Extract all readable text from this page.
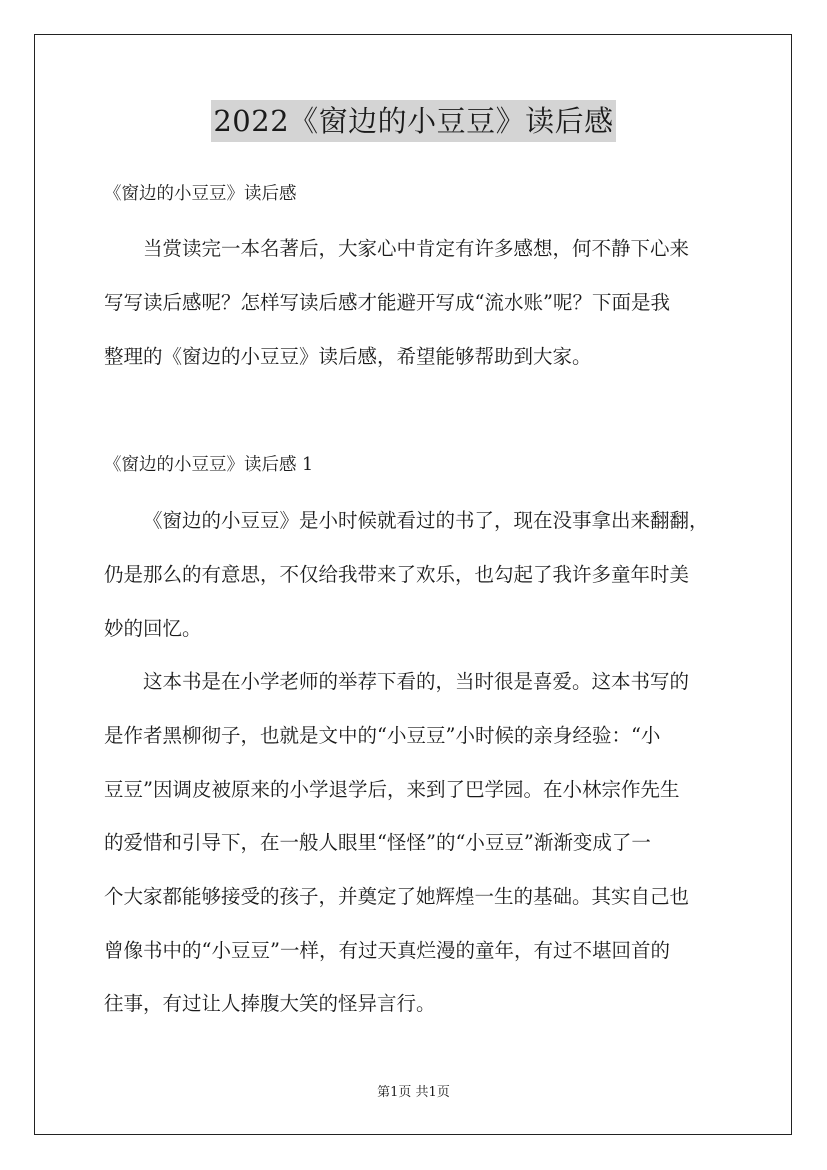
2022《窗边的小豆豆》读后感
《窗边的小豆豆》读后感
当赏读完一本名著后，大家心中肯定有许多感想，何不静下心来
写写读后感呢？怎样写读后感才能避开写成“流水账”呢？下面是我
整理的《窗边的小豆豆》读后感，希望能够帮助到大家。
《窗边的小豆豆》读后感 1
《窗边的小豆豆》是小时候就看过的书了，现在没事拿出来翻翻，
仍是那么的有意思，不仅给我带来了欢乐，也勾起了我许多童年时美
妙的回忆。
这本书是在小学老师的举荐下看的，当时很是喜爱。这本书写的
是作者黑柳彻子，也就是文中的“小豆豆”小时候的亲身经验：“小
豆豆”因调皮被原来的小学退学后，来到了巴学园。在小林宗作先生
的爱惜和引导下，在一般人眼里“怪怪”的“小豆豆”渐渐变成了一
个大家都能够接受的孩子，并奠定了她辉煌一生的基础。其实自己也
曾像书中的“小豆豆”一样，有过天真烂漫的童年，有过不堪回首的
往事，有过让人捧腹大笑的怪异言行。
第1页 共1页
